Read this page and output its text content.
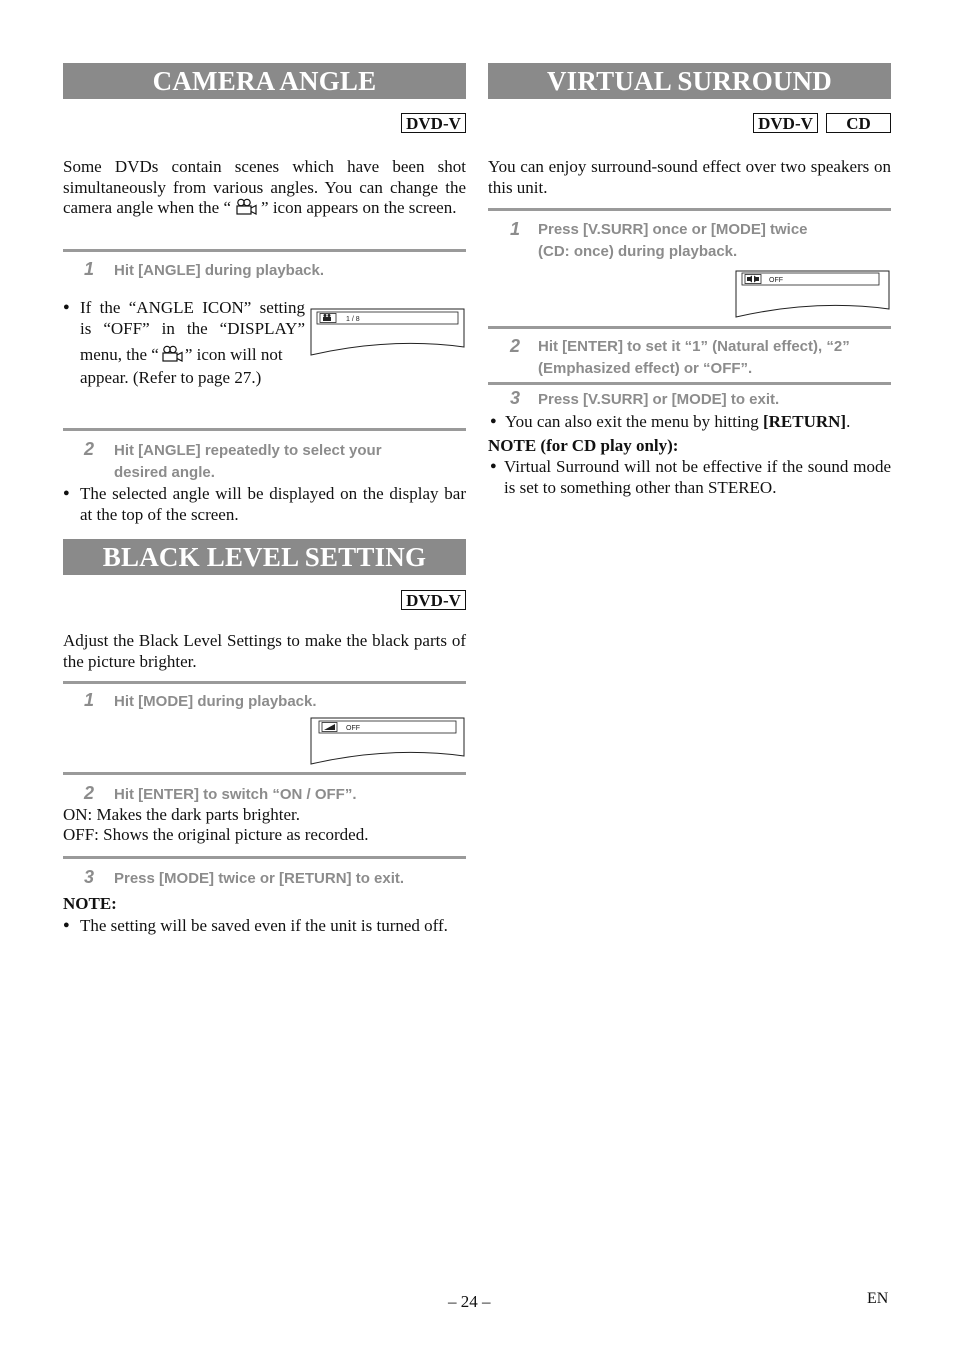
CAMERA ANGLE
DVD-V
Some DVDs contain scenes which have been shot simultaneously from various angles. You can change the camera angle when the “ ” icon appears on the screen.
1 Hit [ANGLE] during playback.
● If the “ANGLE ICON” setting
is “OFF” in the “DISPLAY”
menu, the “ ” icon will not
appear. (Refer to page 27.)
1 / 8
2 Hit [ANGLE] repeatedly to select your
desired angle.
● The selected angle will be displayed on the display bar at the top of the screen.
BLACK LEVEL SETTING
DVD-V
Adjust the Black Level Settings to make the black parts of the picture brighter.
1 Hit [MODE] during playback.
OFF
2 Hit [ENTER] to switch “ON / OFF”.
ON: Makes the dark parts brighter.
OFF: Shows the original picture as recorded.
3 Press [MODE] twice or [RETURN] to exit.
NOTE:
● The setting will be saved even if the unit is turned off.
VIRTUAL SURROUND
DVD-V	CD
You can enjoy surround-sound effect over two speakers on this unit.
1 Press [V.SURR] once or [MODE] twice
(CD: once) during playback.
OFF
2 Hit [ENTER] to set it “1” (Natural effect), “2”
(Emphasized effect) or “OFF”.
3 Press [V.SURR] or [MODE] to exit.
● You can also exit the menu by hitting [RETURN].
NOTE (for CD play only):
● Virtual Surround will not be effective if the sound mode is set to something other than STEREO.
– 24 –	EN
